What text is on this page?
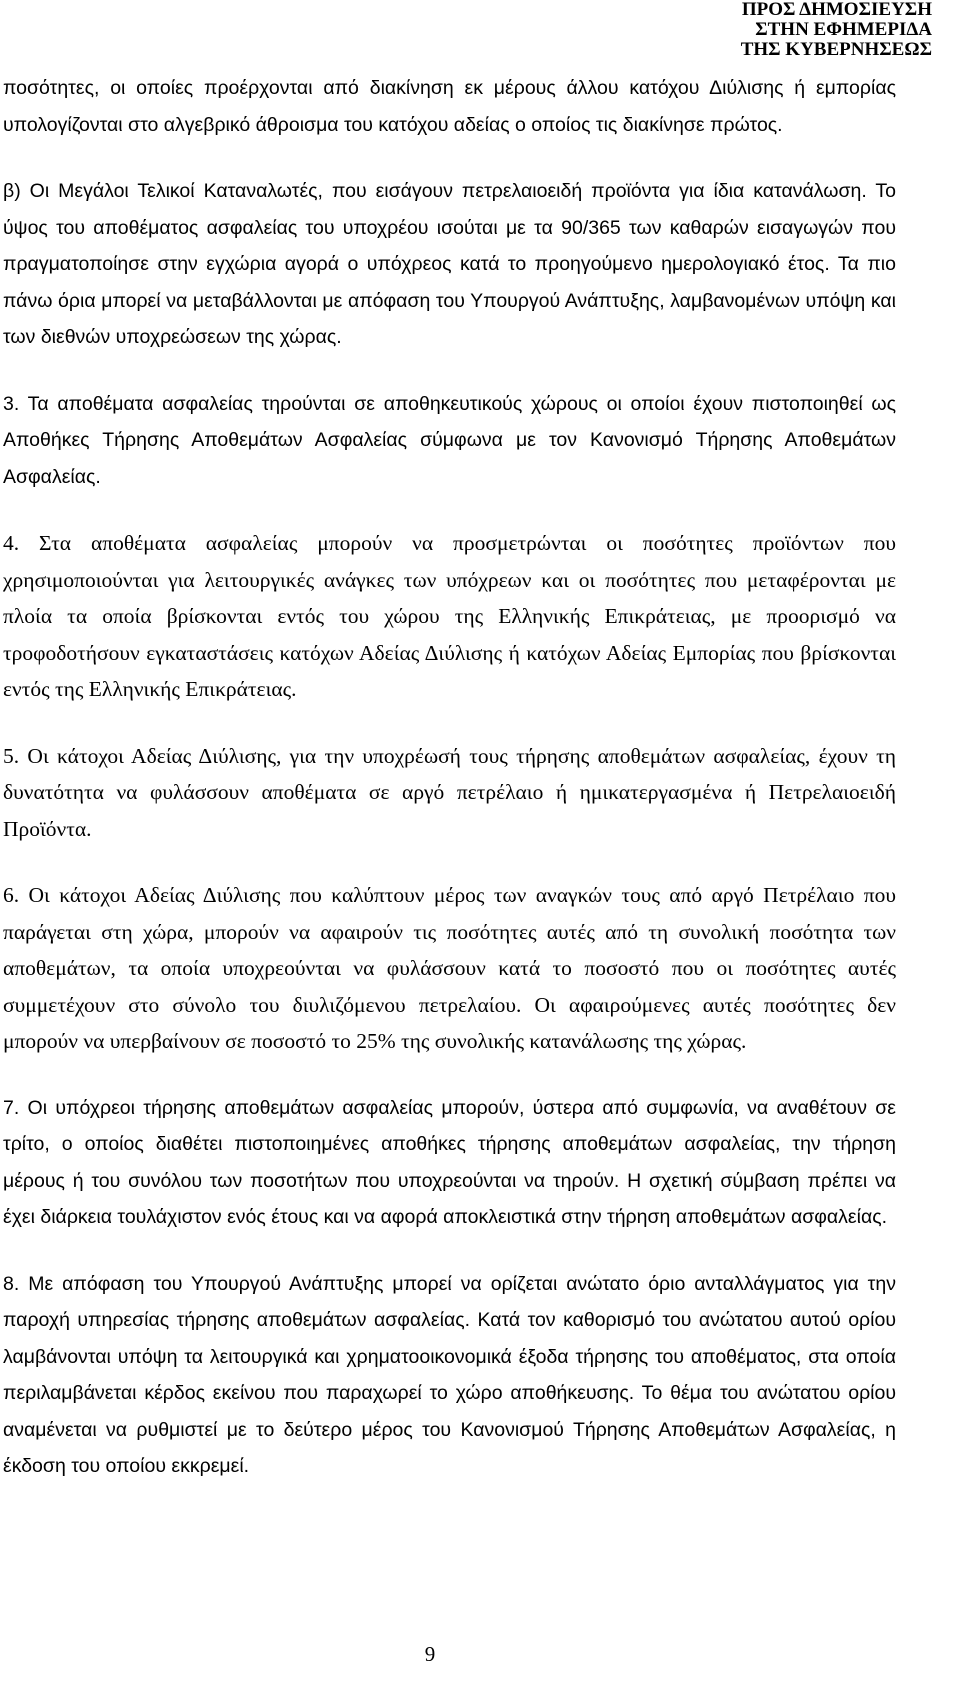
ΠΡΟΣ ΔΗΜΟΣΙΕΥΣΗ
ΣΤΗΝ ΕΦΗΜΕΡΙΔΑ
ΤΗΣ ΚΥΒΕΡΝΗΣΕΩΣ

ποσότητες, οι οποίες προέρχονται από διακίνηση εκ μέρους άλλου κατόχου Διύλισης ή εμπορίας υπολογίζονται στο αλγεβρικό άθροισμα του κατόχου αδείας ο οποίος τις διακίνησε πρώτος.

β) Οι Μεγάλοι Τελικοί Καταναλωτές, που εισάγουν πετρελαιοειδή προϊόντα για ίδια κατανάλωση. Το ύψος του αποθέματος ασφαλείας του υποχρέου ισούται με τα 90/365 των καθαρών εισαγωγών που πραγματοποίησε στην εγχώρια αγορά ο υπόχρεος κατά το προηγούμενο ημερολογιακό έτος. Τα πιο πάνω όρια μπορεί να μεταβάλλονται με απόφαση του Υπουργού Ανάπτυξης, λαμβανομένων υπόψη και των διεθνών υποχρεώσεων της χώρας.

3. Τα αποθέματα ασφαλείας τηρούνται σε αποθηκευτικούς χώρους οι οποίοι έχουν πιστοποιηθεί ως Αποθήκες Τήρησης Αποθεμάτων Ασφαλείας σύμφωνα με τον Κανονισμό Τήρησης Αποθεμάτων Ασφαλείας.

4. Στα αποθέματα ασφαλείας μπορούν να προσμετρώνται οι ποσότητες προϊόντων που χρησιμοποιούνται για λειτουργικές ανάγκες των υπόχρεων και οι ποσότητες που μεταφέρονται με πλοία τα οποία βρίσκονται εντός του χώρου της Ελληνικής Επικράτειας, με προορισμό να τροφοδοτήσουν εγκαταστάσεις κατόχων Αδείας Διύλισης ή κατόχων Αδείας Εμπορίας που βρίσκονται εντός της Ελληνικής Επικράτειας.

5. Οι κάτοχοι Αδείας Διύλισης, για την υποχρέωσή τους τήρησης αποθεμάτων ασφαλείας, έχουν τη δυνατότητα να φυλάσσουν αποθέματα σε αργό πετρέλαιο ή ημικατεργασμένα ή Πετρελαιοειδή Προϊόντα.

6. Οι κάτοχοι Αδείας Διύλισης που καλύπτουν μέρος των αναγκών τους από αργό Πετρέλαιο που παράγεται στη χώρα, μπορούν να αφαιρούν τις ποσότητες αυτές από τη συνολική ποσότητα των αποθεμάτων, τα οποία υποχρεούνται να φυλάσσουν κατά το ποσοστό που οι ποσότητες αυτές συμμετέχουν στο σύνολο του διυλιζόμενου πετρελαίου. Οι αφαιρούμενες αυτές ποσότητες δεν μπορούν να υπερβαίνουν σε ποσοστό το 25% της συνολικής κατανάλωσης της χώρας.

7. Οι υπόχρεοι τήρησης αποθεμάτων ασφαλείας μπορούν, ύστερα από συμφωνία, να αναθέτουν σε τρίτο, ο οποίος διαθέτει πιστοποιημένες αποθήκες τήρησης αποθεμάτων ασφαλείας, την τήρηση μέρους ή του συνόλου των ποσοτήτων που υποχρεούνται να τηρούν. Η σχετική σύμβαση πρέπει να έχει διάρκεια τουλάχιστον ενός έτους και να αφορά αποκλειστικά στην τήρηση αποθεμάτων ασφαλείας.

8. Με απόφαση του Υπουργού Ανάπτυξης μπορεί να ορίζεται ανώτατο όριο ανταλλάγματος για την παροχή υπηρεσίας τήρησης αποθεμάτων ασφαλείας. Κατά τον καθορισμό του ανώτατου αυτού ορίου λαμβάνονται υπόψη τα λειτουργικά και χρηματοοικονομικά έξοδα τήρησης του αποθέματος, στα οποία περιλαμβάνεται κέρδος εκείνου που παραχωρεί το χώρο αποθήκευσης. Το θέμα του ανώτατου ορίου αναμένεται να ρυθμιστεί με το δεύτερο μέρος του Κανονισμού Τήρησης Αποθεμάτων Ασφαλείας, η έκδοση του οποίου εκκρεμεί.

9
